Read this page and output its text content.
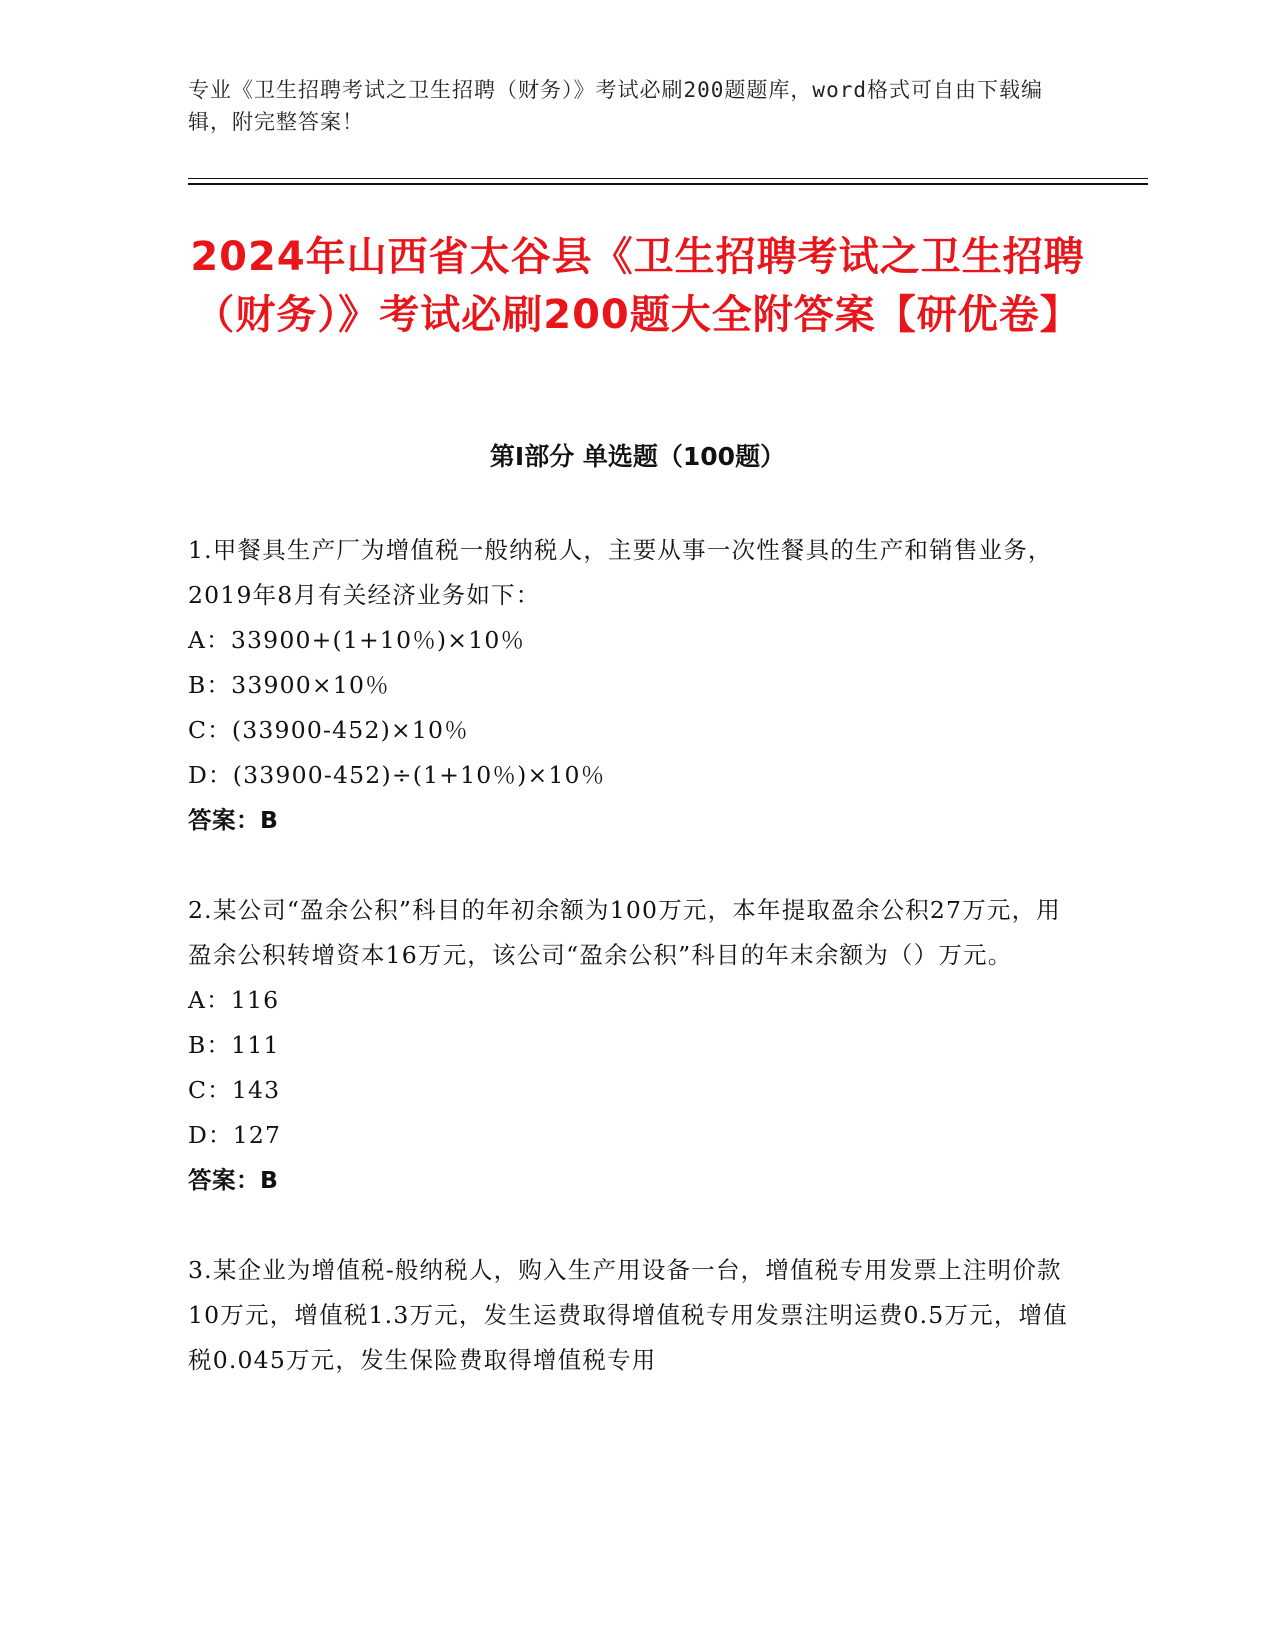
专业《卫生招聘考试之卫生招聘（财务）》考试必刷200题题库，word格式可自由下载编辑，附完整答案！
2024年山西省太谷县《卫生招聘考试之卫生招聘（财务）》考试必刷200题大全附答案【研优卷】
第Ⅰ部分 单选题（100题）
1.甲餐具生产厂为增值税一般纳税人，主要从事一次性餐具的生产和销售业务，2019年8月有关经济业务如下：
A：33900+(1+10％)×10％
B：33900×10％
C：(33900-452)×10％
D：(33900-452)÷(1+10％)×10％
答案：B
2.某公司“盈余公积”科目的年初余额为100万元，本年提取盈余公积27万元，用盈余公积转增资本16万元，该公司“盈余公积”科目的年末余额为（）万元。
A：116
B：111
C：143
D：127
答案：B
3.某企业为增值税-般纳税人，购入生产用设备一台，增值税专用发票上注明价款10万元，增值税1.3万元，发生运费取得增值税专用发票注明运费0.5万元，增值税0.045万元，发生保险费取得增值税专用
